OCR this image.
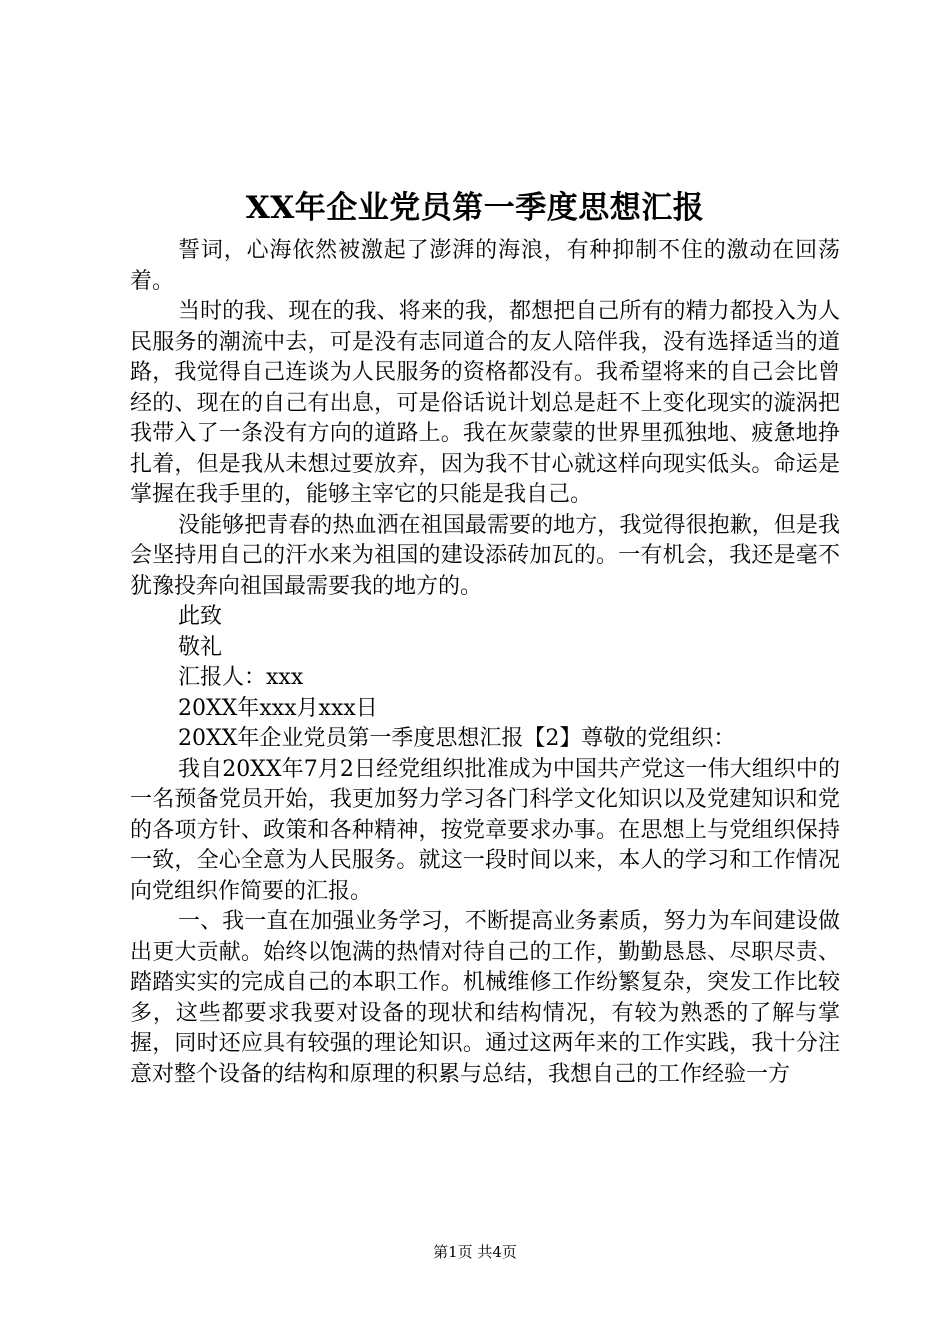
XX年企业党员第一季度思想汇报

誓词，心海依然被激起了澎湃的海浪，有种抑制不住的激动在回荡着。

当时的我、现在的我、将来的我，都想把自己所有的精力都投入为人民服务的潮流中去，可是没有志同道合的友人陪伴我，没有选择适当的道路，我觉得自己连谈为人民服务的资格都没有。我希望将来的自己会比曾经的、现在的自己有出息，可是俗话说计划总是赶不上变化现实的漩涡把我带入了一条没有方向的道路上。我在灰蒙蒙的世界里孤独地、疲惫地挣扎着，但是我从未想过要放弃，因为我不甘心就这样向现实低头。命运是掌握在我手里的，能够主宰它的只能是我自己。

没能够把青春的热血洒在祖国最需要的地方，我觉得很抱歉，但是我会坚持用自己的汗水来为祖国的建设添砖加瓦的。一有机会，我还是毫不犹豫投奔向祖国最需要我的地方的。

此致

敬礼

汇报人：xxx

20XX年xxx月xxx日

20XX年企业党员第一季度思想汇报【2】尊敬的党组织：

我自20XX年7月2日经党组织批准成为中国共产党这一伟大组织中的一名预备党员开始，我更加努力学习各门科学文化知识以及党建知识和党的各项方针、政策和各种精神，按党章要求办事。在思想上与党组织保持一致，全心全意为人民服务。就这一段时间以来，本人的学习和工作情况向党组织作简要的汇报。

一、我一直在加强业务学习，不断提高业务素质，努力为车间建设做出更大贡献。始终以饱满的热情对待自己的工作，勤勤恳恳、尽职尽责、踏踏实实的完成自己的本职工作。机械维修工作纷繁复杂，突发工作比较多，这些都要求我要对设备的现状和结构情况，有较为熟悉的了解与掌握，同时还应具有较强的理论知识。通过这两年来的工作实践，我十分注意对整个设备的结构和原理的积累与总结，我想自己的工作经验一方

第1页 共4页
